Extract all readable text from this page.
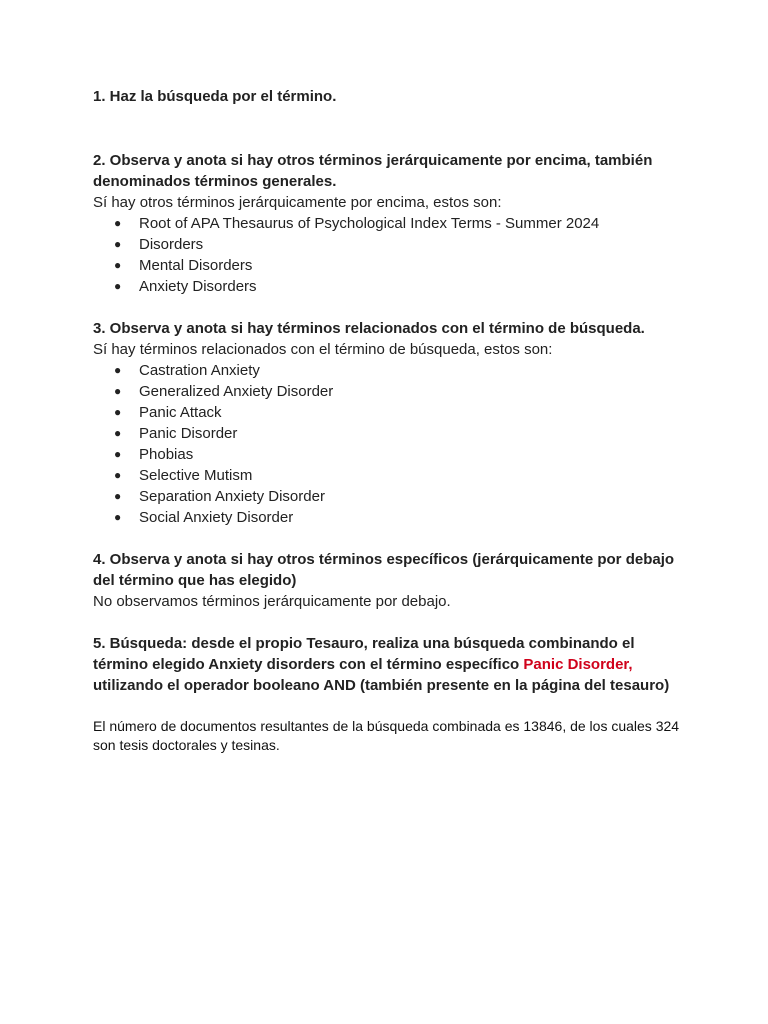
1. Haz la búsqueda por el término.

2. Observa y anota si hay otros términos jerárquicamente por encima, también denominados términos generales.

Sí hay otros términos jerárquicamente por encima, estos son:

● Root of APA Thesaurus of Psychological Index Terms - Summer 2024
● Disorders
● Mental Disorders
● Anxiety Disorders

3. Observa y anota si hay términos relacionados con el término de búsqueda.

Sí hay términos relacionados con el término de búsqueda, estos son:

● Castration Anxiety
● Generalized Anxiety Disorder
● Panic Attack
● Panic Disorder
● Phobias
● Selective Mutism
● Separation Anxiety Disorder
● Social Anxiety Disorder

4. Observa y anota si hay otros términos específicos (jerárquicamente por debajo del término que has elegido)

No observamos términos jerárquicamente por debajo.

5. Búsqueda: desde el propio Tesauro, realiza una búsqueda combinando el término elegido Anxiety disorders con el término específico Panic Disorder, utilizando el operador booleano AND (también presente en la página del tesauro)

El número de documentos resultantes de la búsqueda combinada es 13846, de los cuales 324 son tesis doctorales y tesinas.
